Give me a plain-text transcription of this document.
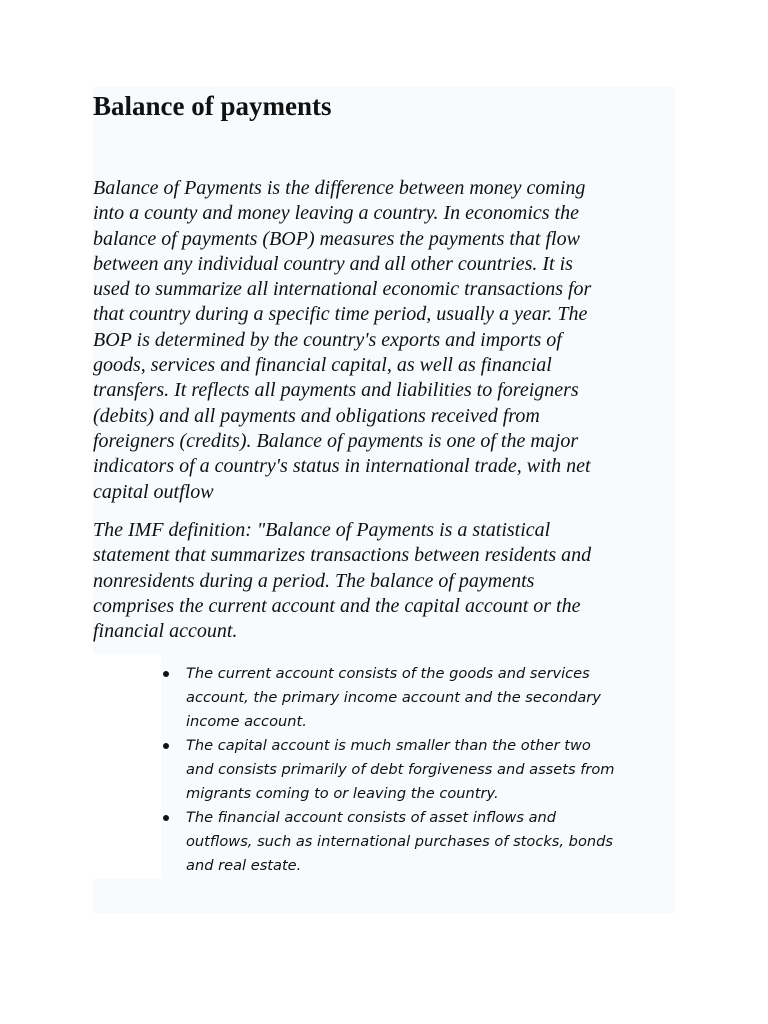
Balance of payments

Balance of Payments is the difference between money coming
into a county and money leaving a country. In economics the
balance of payments (BOP) measures the payments that flow
between any individual country and all other countries. It is
used to summarize all international economic transactions for
that country during a specific time period, usually a year. The
BOP is determined by the country's exports and imports of
goods, services and financial capital, as well as financial
transfers. It reflects all payments and liabilities to foreigners
(debits) and all payments and obligations received from
foreigners (credits). Balance of payments is one of the major
indicators of a country's status in international trade, with net
capital outflow

The IMF definition: "Balance of Payments is a statistical
statement that summarizes transactions between residents and
nonresidents during a period. The balance of payments
comprises the current account and the capital account or the
financial account.

The current account consists of the goods and services
account, the primary income account and the secondary
income account.
The capital account is much smaller than the other two
and consists primarily of debt forgiveness and assets from
migrants coming to or leaving the country.
The financial account consists of asset inflows and
outflows, such as international purchases of stocks, bonds
and real estate.
